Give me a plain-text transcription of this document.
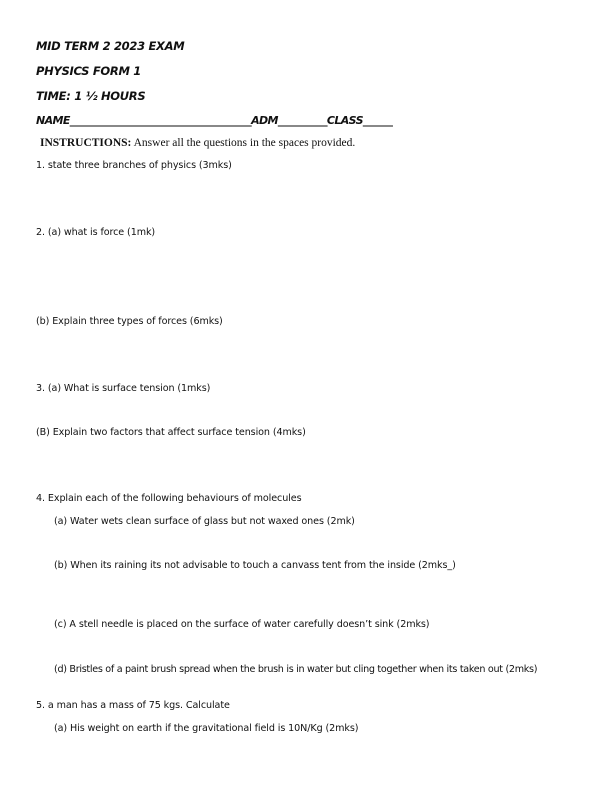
MID TERM 2 2023 EXAM
PHYSICS FORM 1
TIME: 1 ½ HOURS
NAME_____________________________________ADM__________CLASS______
INSTRUCTIONS: Answer all the questions in the spaces provided.
1. state three branches of physics (3mks)
2. (a) what is force (1mk)
(b) Explain three types of forces (6mks)
3. (a) What is surface tension (1mks)
(B) Explain two factors that affect surface tension (4mks)
4. Explain each of the following behaviours of molecules
(a) Water wets clean surface of glass but not waxed ones (2mk)
(b) When its raining its not advisable to touch a canvass tent from the inside (2mks_)
(c) A stell needle is placed on the surface of water carefully doesn’t sink (2mks)
(d) Bristles of a paint brush spread when the brush is in water but cling together when its taken out (2mks)
5. a man has a mass of 75 kgs. Calculate
(a) His weight on earth if the gravitational field is 10N/Kg (2mks)
